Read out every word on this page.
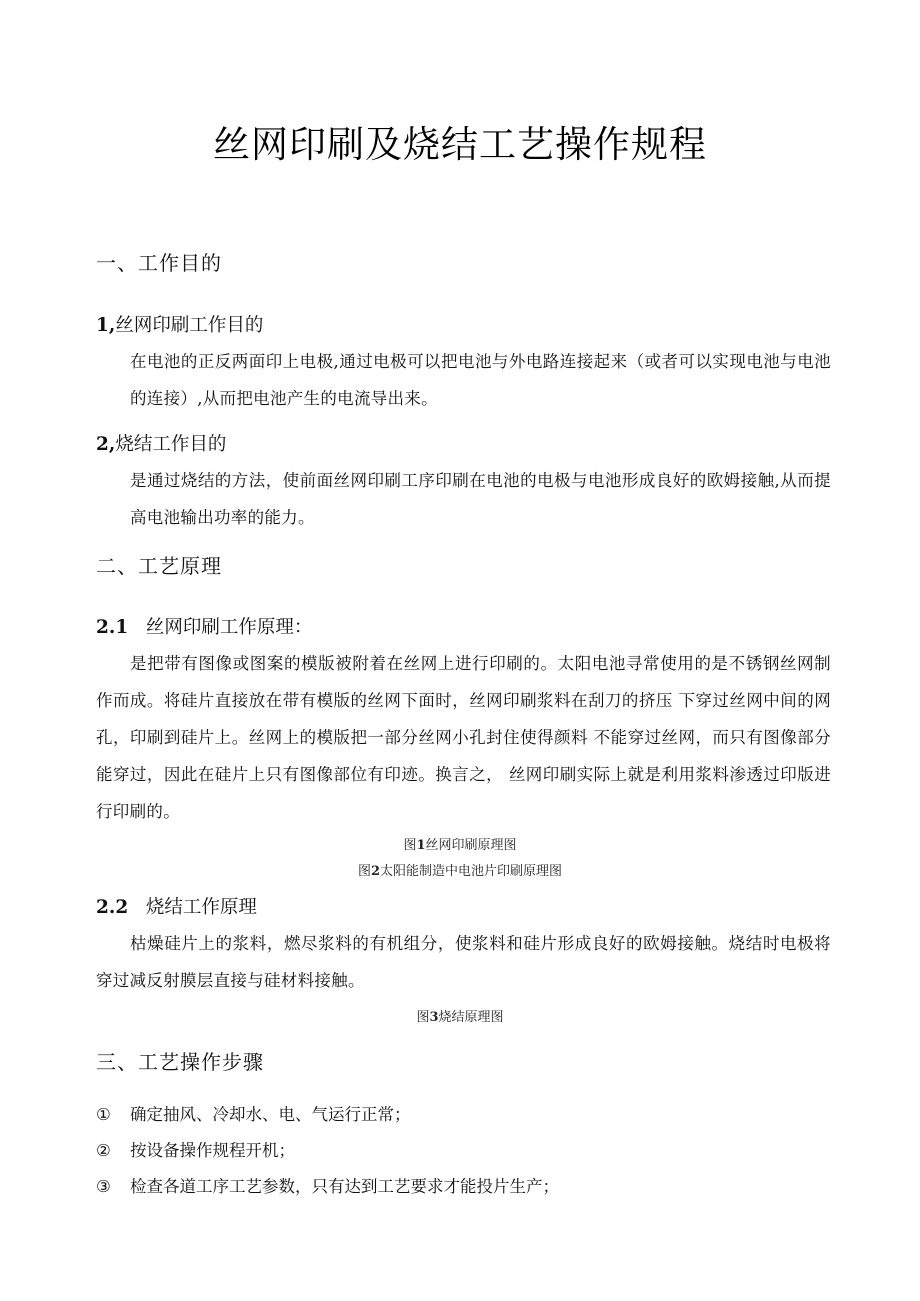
丝网印刷及烧结工艺操作规程
一、工作目的
1,丝网印刷工作目的

在电池的正反两面印上电极,通过电极可以把电池与外电路连接起来（或者可以实现电池与电池的连接）,从而把电池产生的电流导出来。

2,烧结工作目的

是通过烧结的方法，使前面丝网印刷工序印刷在电池的电极与电池形成良好的欧姆接触,从而提高电池输出功率的能力。

二、工艺原理
2.1 丝网印刷工作原理：

是把带有图像或图案的模版被附着在丝网上进行印刷的。太阳电池寻常使用的是不锈钢丝网制作而成。将硅片直接放在带有模版的丝网下面时，丝网印刷浆料在刮刀的挤压 下穿过丝网中间的网孔，印刷到硅片上。丝网上的模版把一部分丝网小孔封住使得颜料 不能穿过丝网，而只有图像部分能穿过，因此在硅片上只有图像部位有印迹。换言之， 丝网印刷实际上就是利用浆料渗透过印版进行印刷的。

图1丝网印刷原理图
图2太阳能制造中电池片印刷原理图
2.2 烧结工作原理

枯燥硅片上的浆料，燃尽浆料的有机组分，使浆料和硅片形成良好的欧姆接触。烧结时电极将穿过减反射膜层直接与硅材料接触。

图3烧结原理图
三、工艺操作步骤
① 确定抽风、冷却水、电、气运行正常；
② 按设备操作规程开机；
③ 检查各道工序工艺参数，只有达到工艺要求才能投片生产；
